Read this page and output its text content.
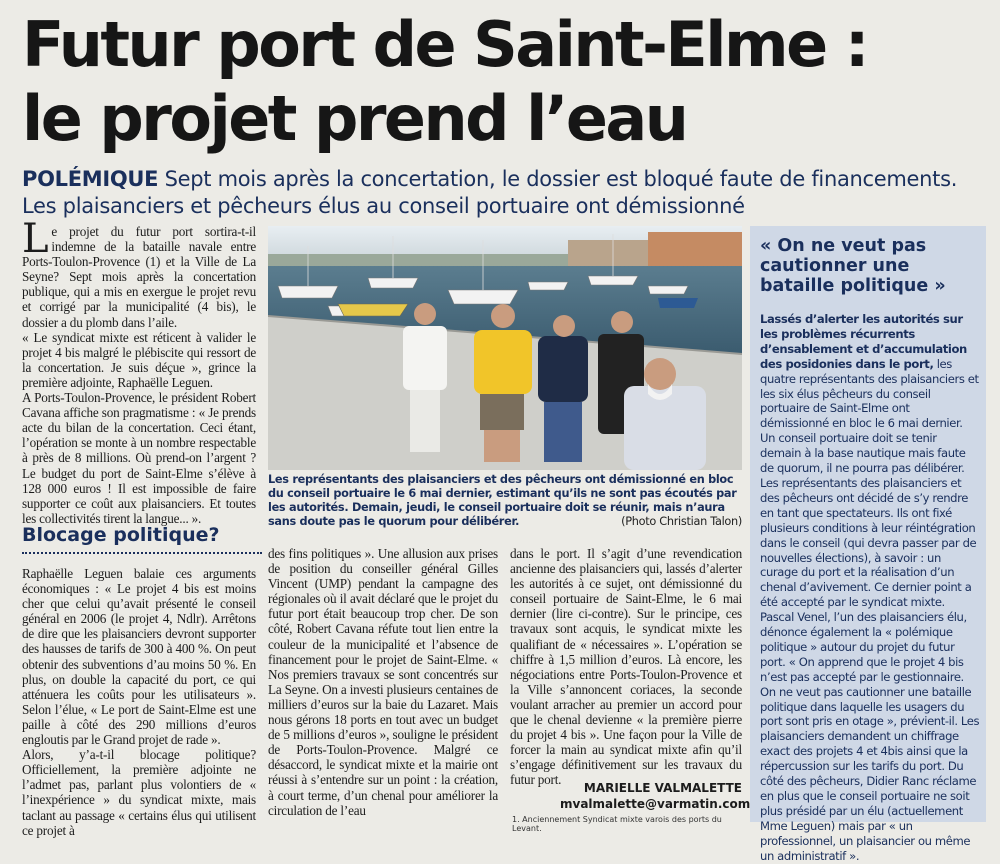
Futur port de Saint-Elme :
le projet prend l’eau
POLÉMIQUE Sept mois après la concertation, le dossier est bloqué faute de financements. Les plaisanciers et pêcheurs élus au conseil portuaire ont démissionné
L e projet du futur port sortira-t-il indemne de la bataille navale entre Ports-Toulon-Provence (1) et la Ville de La Seyne? Sept mois après la concertation publique, qui a mis en exergue le projet revu et corrigé par la municipalité (4 bis), le dossier a du plomb dans l’aile.

« Le syndicat mixte est réticent à valider le projet 4 bis malgré le plébiscite qui ressort de la concertation. Je suis déçue », grince la première adjointe, Raphaëlle Leguen.

A Ports-Toulon-Provence, le président Robert Cavana affiche son pragmatisme : « Je prends acte du bilan de la concertation. Ceci étant, l’opération se monte à un nombre respectable à près de 8 millions. Où prend-on l’argent ? Le budget du port de Saint-Elme s’élève à 128 000 euros ! Il est impossible de faire supporter ce coût aux plaisanciers. Et toutes les collectivités tirent la langue... ».

Blocage politique?

Raphaëlle Leguen balaie ces arguments économiques : « Le projet 4 bis est moins cher que celui qu’avait présenté le conseil général en 2006 (le projet 4, Ndlr). Arrêtons de dire que les plaisanciers devront supporter des hausses de tarifs de 300 à 400 %. On peut obtenir des subventions d’au moins 50 %. En plus, on double la capacité du port, ce qui atténuera les coûts pour les utilisateurs ». Selon l’élue, « Le port de Saint-Elme est une paille à côté des 290 millions d’euros engloutis par le Grand projet de rade ».

Alors, y’a-t-il blocage politique? Officiellement, la première adjointe ne l’admet pas, parlant plus volontiers de « l’inexpérience » du syndicat mixte, mais taclant au passage « certains élus qui utilisent ce projet à

Les représentants des plaisanciers et des pêcheurs ont démissionné en bloc du conseil portuaire le 6 mai dernier, estimant qu’ils ne sont pas écoutés par les autorités. Demain, jeudi, le conseil portuaire doit se réunir, mais n’aura sans doute pas le quorum pour délibérer.	(Photo Christian Talon)

des fins politiques ». Une allusion aux prises de position du conseiller général Gilles Vincent (UMP) pendant la campagne des régionales où il avait déclaré que le projet du futur port était beaucoup trop cher. De son côté, Robert Cavana réfute tout lien entre la couleur de la municipalité et l’absence de financement pour le projet de Saint-Elme. « Nos premiers travaux se sont concentrés sur La Seyne. On a investi plusieurs centaines de milliers d’euros sur la baie du Lazaret. Mais nous gérons 18 ports en tout avec un budget de 5 millions d’euros », souligne le président de Ports-Toulon-Provence. Malgré ce désaccord, le syndicat mixte et la mairie ont réussi à s’entendre sur un point : la création, à court terme, d’un chenal pour améliorer la circulation de l’eau

dans le port. Il s’agit d’une revendication ancienne des plaisanciers qui, lassés d’alerter les autorités à ce sujet, ont démissionné du conseil portuaire de Saint-Elme, le 6 mai dernier (lire ci-contre). Sur le principe, ces travaux sont acquis, le syndicat mixte les qualifiant de « nécessaires ». L’opération se chiffre à 1,5 million d’euros. Là encore, les négociations entre Ports-Toulon-Provence et la Ville s’annoncent coriaces, la seconde voulant arracher au premier un accord pour que le chenal devienne « la première pierre du projet 4 bis ». Une façon pour la Ville de forcer la main au syndicat mixte afin qu’il s’engage définitivement sur les travaux du futur port.

MARIELLE VALMALETTE
mvalmalette@varmatin.com
1. Anciennement Syndicat mixte varois des ports du Levant.
« On ne veut pas cautionner une bataille politique »
Lassés d’alerter les autorités sur les problèmes récurrents d’ensablement et d’accumulation des posidonies dans le port, les quatre représentants des plaisanciers et les six élus pêcheurs du conseil portuaire de Saint-Elme ont démissionné en bloc le 6 mai dernier. Un conseil portuaire doit se tenir demain à la base nautique mais faute de quorum, il ne pourra pas délibérer. Les représentants des plaisanciers et des pêcheurs ont décidé de s’y rendre en tant que spectateurs. Ils ont fixé plusieurs conditions à leur réintégration dans le conseil (qui devra passer par de nouvelles élections), à savoir : un curage du port et la réalisation d’un chenal d’avivement. Ce dernier point a été accepté par le syndicat mixte. Pascal Venel, l’un des plaisanciers élu, dénonce également la « polémique politique » autour du projet du futur port. « On apprend que le projet 4 bis n’est pas accepté par le gestionnaire. On ne veut pas cautionner une bataille politique dans laquelle les usagers du port sont pris en otage », prévient-il. Les plaisanciers demandent un chiffrage exact des projets 4 et 4bis ainsi que la répercussion sur les tarifs du port. Du côté des pêcheurs, Didier Ranc réclame en plus que le conseil portuaire ne soit plus présidé par un élu (actuellement Mme Leguen) mais par « un professionnel, un plaisancier ou même un administratif ».
